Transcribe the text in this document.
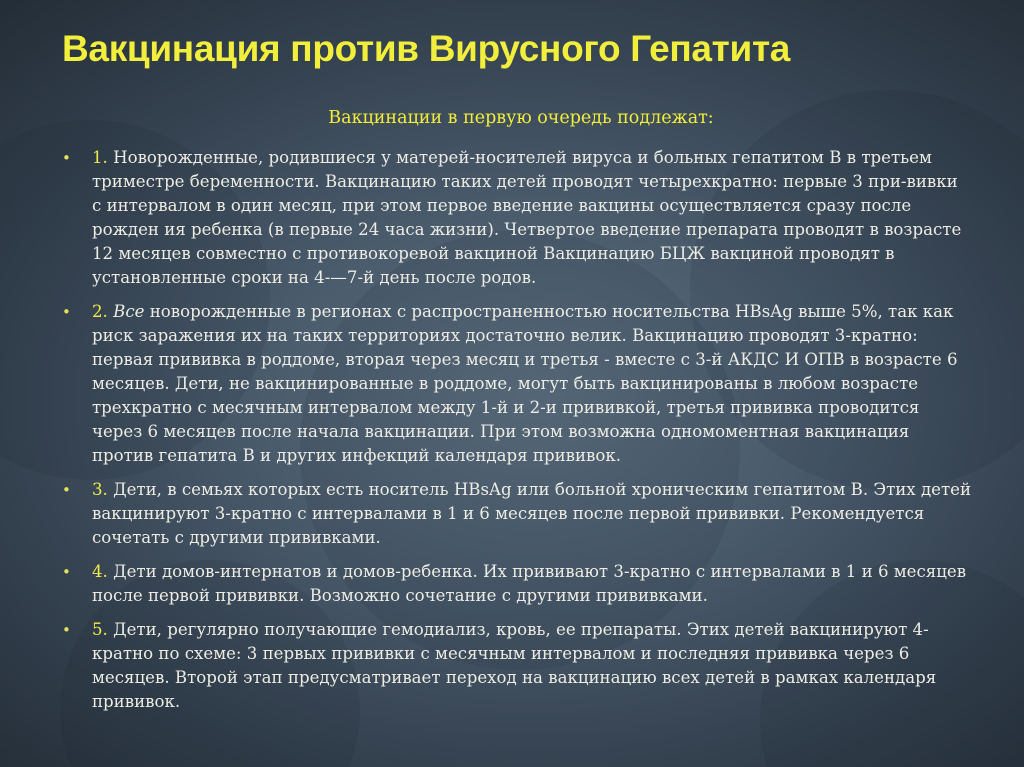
Вакцинация против Вирусного Гепатита

Вакцинации в первую очередь подлежат:

• 1. Новорожденные, родившиеся у матерей-носителей вируса и больных гепатитом В в третьем триместре беременности. Вакцинацию таких детей проводят четырехкратно: первые 3 при-вивки с интервалом в один месяц, при этом первое введение вакцины осуществляется сразу после рожден ия ребенка (в первые 24 часа жизни). Четвертое введение препарата проводят в возрасте 12 месяцев совместно с противокоревой вакциной Вакцинацию БЦЖ вакциной проводят в установленные сроки на 4-—7-й день после родов.
• 2. Все новорожденные в регионах с распространенностью носительства HBsAg выше 5%, так как риск заражения их на таких территориях достаточно велик. Вакцинацию проводят 3-кратно: первая прививка в роддоме, вторая через месяц и третья - вместе с 3-й АКДС И ОПВ в возрасте 6 месяцев. Дети, не вакцинированные в роддоме, могут быть вакцинированы в любом возрасте трехкратно с месячным интервалом между 1-й и 2-и прививкой, третья прививка проводится через 6 месяцев после начала вакцинации. При этом возможна одномоментная вакцинация против гепатита В и других инфекций календаря прививок.
• 3. Дети, в семьях которых есть носитель HBsAg или больной хроническим гепатитом В. Этих детей вакцинируют 3-кратно с интервалами в 1 и 6 месяцев после первой прививки. Рекомендуется сочетать с другими прививками.
• 4. Дети домов-интернатов и домов-ребенка. Их прививают 3-кратно с интервалами в 1 и 6 месяцев после первой прививки. Возможно сочетание с другими прививками.
• 5. Дети, регулярно получающие гемодиализ, кровь, ее препараты. Этих детей вакцинируют 4-кратно по схеме: 3 первых прививки с месячным интервалом и последняя прививка через 6 месяцев. Второй этап предусматривает переход на вакцинацию всех детей в рамках календаря прививок.
